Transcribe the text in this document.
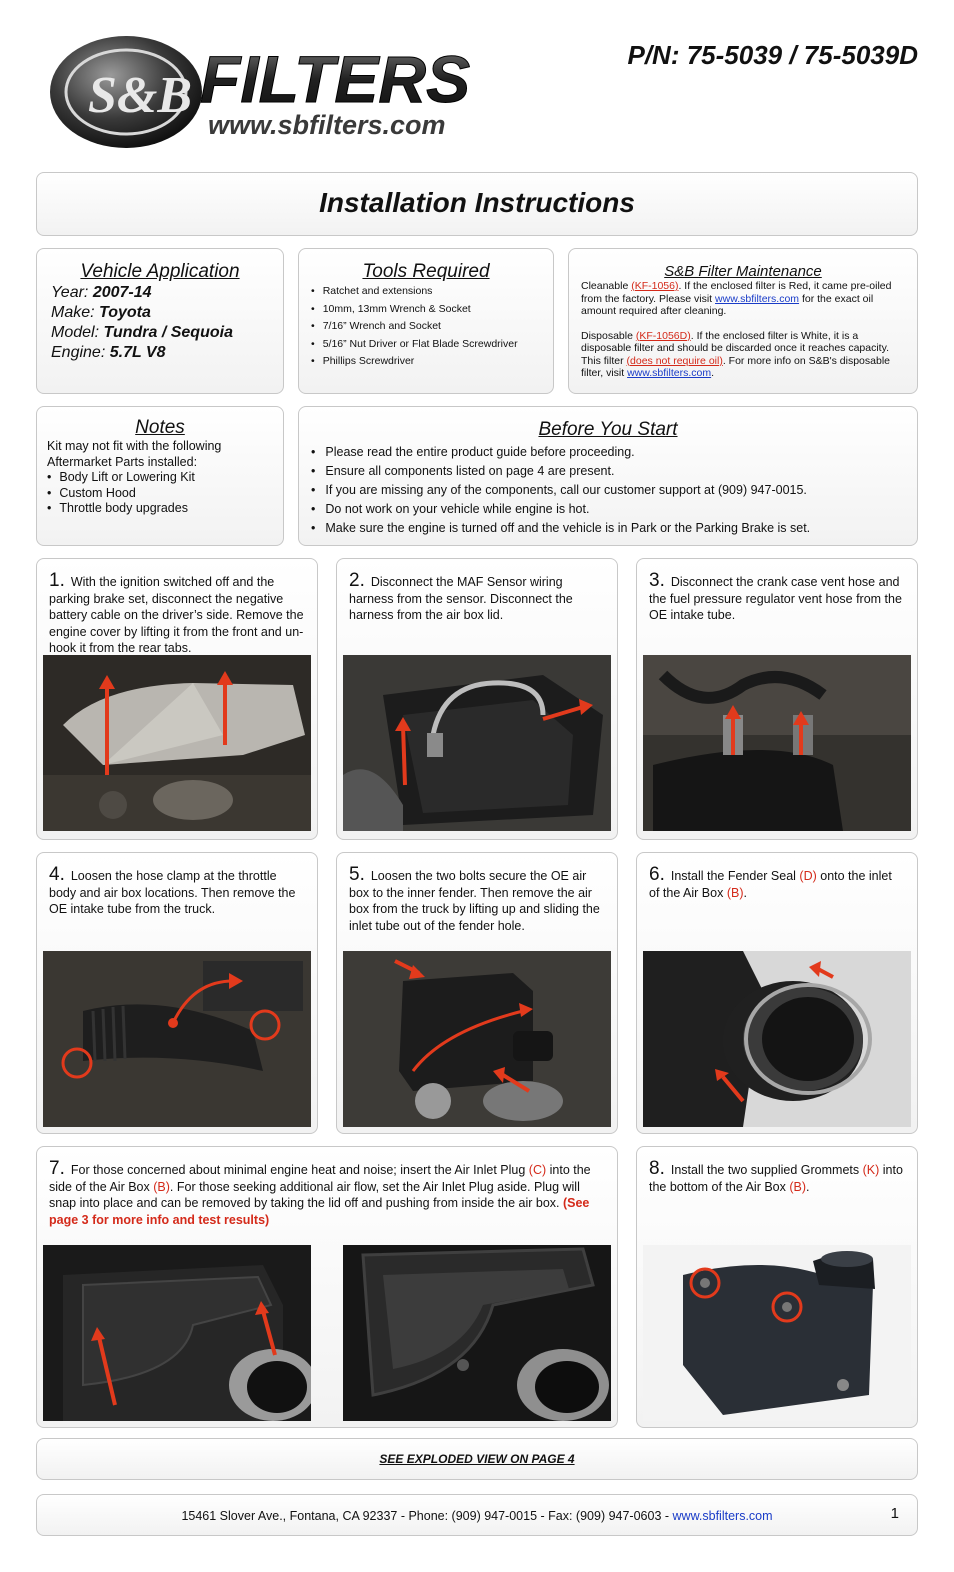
S&B FILTERS
www.sbfilters.com
P/N: 75-5039 / 75-5039D
Installation Instructions
Vehicle Application
Year: 2007-14
Make: Toyota
Model: Tundra / Sequoia
Engine: 5.7L V8
Tools Required
• Ratchet and extensions
• 10mm, 13mm Wrench & Socket
• 7/16” Wrench and Socket
• 5/16” Nut Driver or Flat Blade Screwdriver
• Phillips Screwdriver
S&B Filter Maintenance

Cleanable (KF-1056). If the enclosed filter is Red, it came pre-oiled from the factory. Please visit www.sbfilters.com for the exact oil amount required after cleaning.

Disposable (KF-1056D). If the enclosed filter is White, it is a disposable filter and should be discarded once it reaches capacity. This filter (does not require oil). For more info on S&B's disposable filter, visit www.sbfilters.com.

Notes

Kit may not fit with the following Aftermarket Parts installed:

• Body Lift or Lowering Kit
• Custom Hood
• Throttle body upgrades
Before You Start
• Please read the entire product guide before proceeding.
• Ensure all components listed on page 4 are present.
• If you are missing any of the components, call our customer support at (909) 947-0015.
• Do not work on your vehicle while engine is hot.
• Make sure the engine is turned off and the vehicle is in Park or the Parking Brake is set.

1. With the ignition switched off and the parking brake set, disconnect the negative battery cable on the driver’s side. Remove the engine cover by lifting it from the front and un-hook it from the rear tabs.

2. Disconnect the MAF Sensor wiring harness from the sensor. Disconnect the harness from the air box lid.

3. Disconnect the crank case vent hose and the fuel pressure regulator vent hose from the OE intake tube.

4. Loosen the hose clamp at the throttle body and air box locations. Then remove the OE intake tube from the truck.

5. Loosen the two bolts secure the OE air box to the inner fender. Then remove the air box from the truck by lifting up and sliding the inlet tube out of the fender hole.

6. Install the Fender Seal (D) onto the inlet of the Air Box (B).

7. For those concerned about minimal engine heat and noise; insert the Air Inlet Plug (C) into the side of the Air Box (B). For those seeking additional air flow, set the Air Inlet Plug aside. Plug will snap into place and can be removed by taking the lid off and pushing from inside the air box. (See page 3 for more info and test results)

8. Install the two supplied Grommets (K) into the bottom of the Air Box (B).

SEE EXPLODED VIEW ON PAGE 4

15461 Slover Ave., Fontana, CA 92337 - Phone: (909) 947-0015 - Fax: (909) 947-0603 - www.sbfilters.com	1
